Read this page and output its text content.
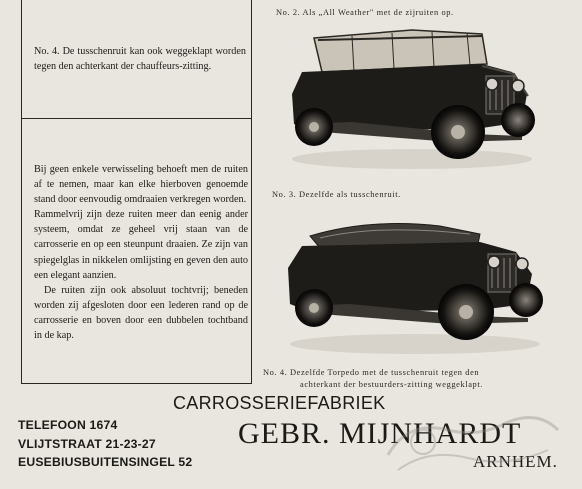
No. 4. De tusschenruit kan ook weggeklapt worden tegen den achterkant der chauffeurs-zitting.

Bij geen enkele verwisseling behoeft men de ruiten af te nemen, maar kan elke hierboven genoemde stand door eenvoudig omdraaien verkregen worden.

Rammelvrij zijn deze ruiten meer dan eenig ander systeem, omdat ze geheel vrij staan van de carrosserie en op een steunpunt draaien. Ze zijn van spiegelglas in nikkelen omlijsting en geven den auto een elegant aanzien.

De ruiten zijn ook absoluut tochtvrij; beneden worden zij afgesloten door een lederen rand op de carrosserie en boven door een dubbelen tochtband in de kap.

No. 2. Als „All Weather" met de zijruiten op.
No. 3. Dezelfde als tusschenruit.
No. 4. Dezelfde Torpedo met de tusschenruit tegen den
achterkant der bestuurders-zitting weggeklapt.
TELEFOON 1674
VLIJTSTRAAT 21-23-27
EUSEBIUSBUITENSINGEL 52
CARROSSERIEFABRIEK
GEBR. MIJNHARDT
ARNHEM.
